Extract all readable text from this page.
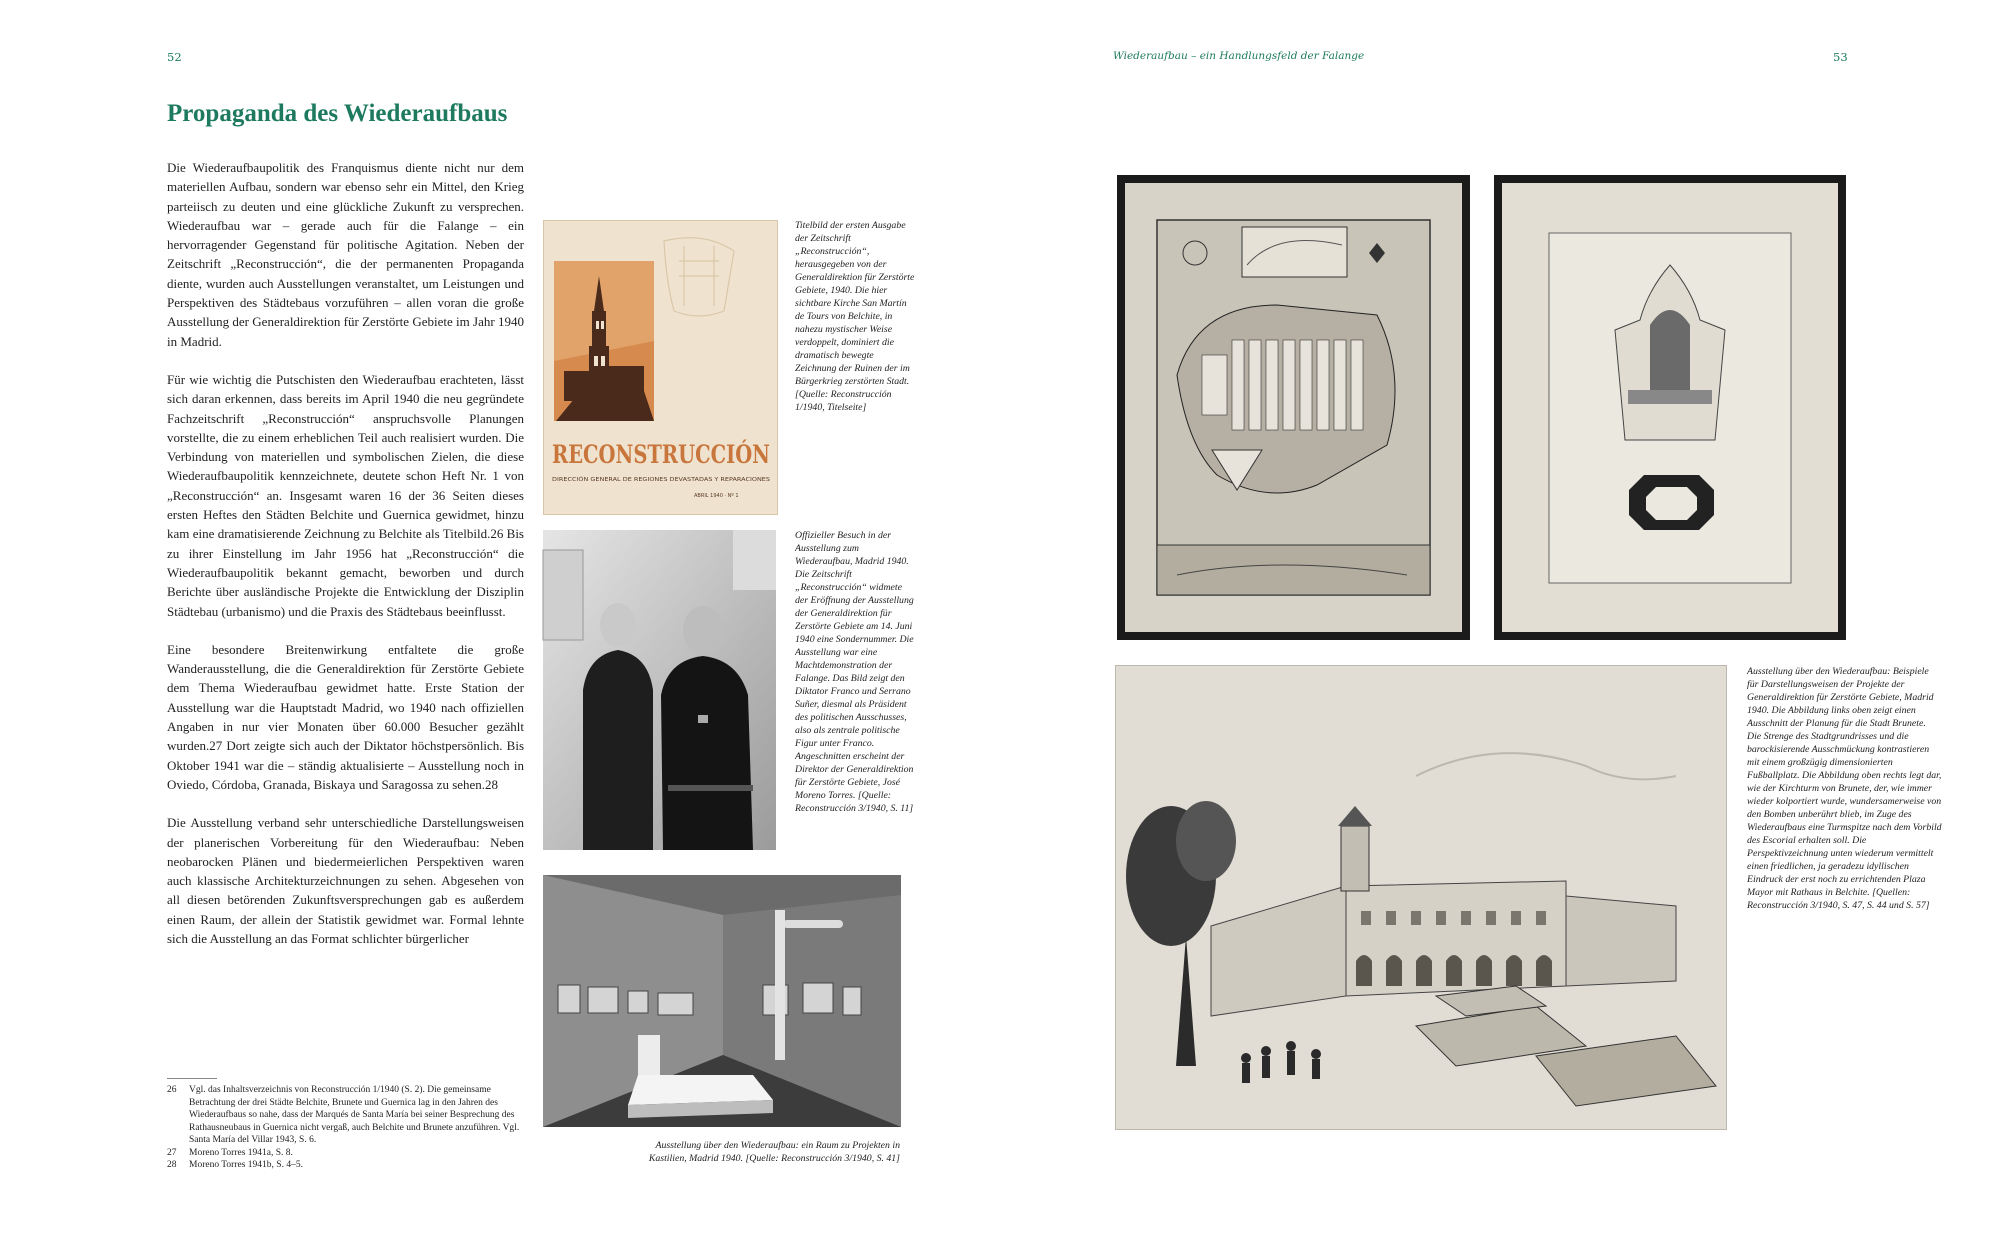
52
Propaganda des Wiederaufbaus

Die Wiederaufbaupolitik des Franquismus diente nicht nur dem materiellen Aufbau, sondern war ebenso sehr ein Mittel, den Krieg parteiisch zu deuten und eine glückliche Zukunft zu versprechen. Wiederaufbau war – gerade auch für die Falange – ein hervorragender Gegenstand für politische Agitation. Neben der Zeitschrift „Reconstrucción“, die der permanenten Propaganda diente, wurden auch Ausstellungen veranstaltet, um Leistungen und Perspektiven des Städtebaus vorzuführen – allen voran die große Ausstellung der Generaldirektion für Zerstörte Gebiete im Jahr 1940 in Madrid.

Für wie wichtig die Putschisten den Wiederaufbau erachteten, lässt sich daran erkennen, dass bereits im April 1940 die neu gegründete Fachzeitschrift „Reconstrucción“ anspruchsvolle Planungen vorstellte, die zu einem erheblichen Teil auch realisiert wurden. Die Verbindung von materiellen und symbolischen Zielen, die diese Wiederaufbaupolitik kennzeichnete, deutete schon Heft Nr. 1 von „Reconstrucción“ an. Insgesamt waren 16 der 36 Seiten dieses ersten Heftes den Städten Belchite und Guernica gewidmet, hinzu kam eine dramatisierende Zeichnung zu Belchite als Titelbild.26 Bis zu ihrer Einstellung im Jahr 1956 hat „Reconstrucción“ die Wiederaufbaupolitik bekannt gemacht, beworben und durch Berichte über ausländische Projekte die Entwicklung der Disziplin Städtebau (urbanismo) und die Praxis des Städtebaus beeinflusst.

Eine besondere Breitenwirkung entfaltete die große Wanderausstellung, die die Generaldirektion für Zerstörte Gebiete dem Thema Wiederaufbau gewidmet hatte. Erste Station der Ausstellung war die Hauptstadt Madrid, wo 1940 nach offiziellen Angaben in nur vier Monaten über 60.000 Besucher gezählt wurden.27 Dort zeigte sich auch der Diktator höchstpersönlich. Bis Oktober 1941 war die – ständig aktualisierte – Ausstellung noch in Oviedo, Córdoba, Granada, Biskaya und Saragossa zu sehen.28

Die Ausstellung verband sehr unterschiedliche Darstellungsweisen der planerischen Vorbereitung für den Wiederaufbau: Neben neobarocken Plänen und biedermeierlichen Perspektiven waren auch klassische Architekturzeichnungen zu sehen. Abgesehen von all diesen betörenden Zukunftsversprechungen gab es außerdem einen Raum, der allein der Statistik gewidmet war. Formal lehnte sich die Ausstellung an das Format schlichter bürgerlicher

26	Vgl. das Inhaltsverzeichnis von Reconstrucción 1/1940 (S. 2). Die gemeinsame Betrachtung der drei Städte Belchite, Brunete und Guernica lag in den Jahren des Wiederaufbaus so nahe, dass der Marqués de Santa María bei seiner Besprechung des Rathausneubaus in Guernica nicht vergaß, auch Belchite und Brunete anzuführen. Vgl. Santa María del Villar 1943, S. 6.
27	Moreno Torres 1941a, S. 8.
28	Moreno Torres 1941b, S. 4–5.
RECONSTRUCCIÓN
DIRECCIÓN GENERAL DE REGIONES DEVASTADAS Y REPARACIONES
ABRIL 1940 · Nº 1
Titelbild der ersten Ausgabe der Zeitschrift „Reconstrucción“, herausgegeben von der Generaldirektion für Zerstörte Gebiete, 1940. Die hier sichtbare Kirche San Martín de Tours von Belchite, in nahezu mystischer Weise verdoppelt, dominiert die dramatisch bewegte Zeichnung der Ruinen der im Bürgerkrieg zerstörten Stadt. [Quelle: Reconstrucción 1/1940, Titelseite]
Offizieller Besuch in der Ausstellung zum Wiederaufbau, Madrid 1940. Die Zeitschrift „Reconstrucción“ widmete der Eröffnung der Ausstellung der Generaldirektion für Zerstörte Gebiete am 14. Juni 1940 eine Sondernummer. Die Ausstellung war eine Machtdemonstration der Falange. Das Bild zeigt den Diktator Franco und Serrano Suñer, diesmal als Präsident des politischen Ausschusses, also als zentrale politische Figur unter Franco. Angeschnitten erscheint der Direktor der Generaldirektion für Zerstörte Gebiete, José Moreno Torres. [Quelle: Reconstrucción 3/1940, S. 11]
Ausstellung über den Wiederaufbau: ein Raum zu Projekten in Kastilien, Madrid 1940. [Quelle: Reconstrucción 3/1940, S. 41]
Wiederaufbau – ein Handlungsfeld der Falange	53
Ausstellung über den Wiederaufbau: Beispiele für Darstellungsweisen der Projekte der Generaldirektion für Zerstörte Gebiete, Madrid 1940. Die Abbildung links oben zeigt einen Ausschnitt der Planung für die Stadt Brunete. Die Strenge des Stadtgrundrisses und die barockisierende Ausschmückung kontrastieren mit einem großzügig dimensionierten Fußballplatz. Die Abbildung oben rechts legt dar, wie der Kirchturm von Brunete, der, wie immer wieder kolportiert wurde, wundersamerweise von den Bomben unberührt blieb, im Zuge des Wiederaufbaus eine Turmspitze nach dem Vorbild des Escorial erhalten soll. Die Perspektivzeichnung unten wiederum vermittelt einen friedlichen, ja geradezu idyllischen Eindruck der erst noch zu errichtenden Plaza Mayor mit Rathaus in Belchite. [Quellen: Reconstrucción 3/1940, S. 47, S. 44 und S. 57]
